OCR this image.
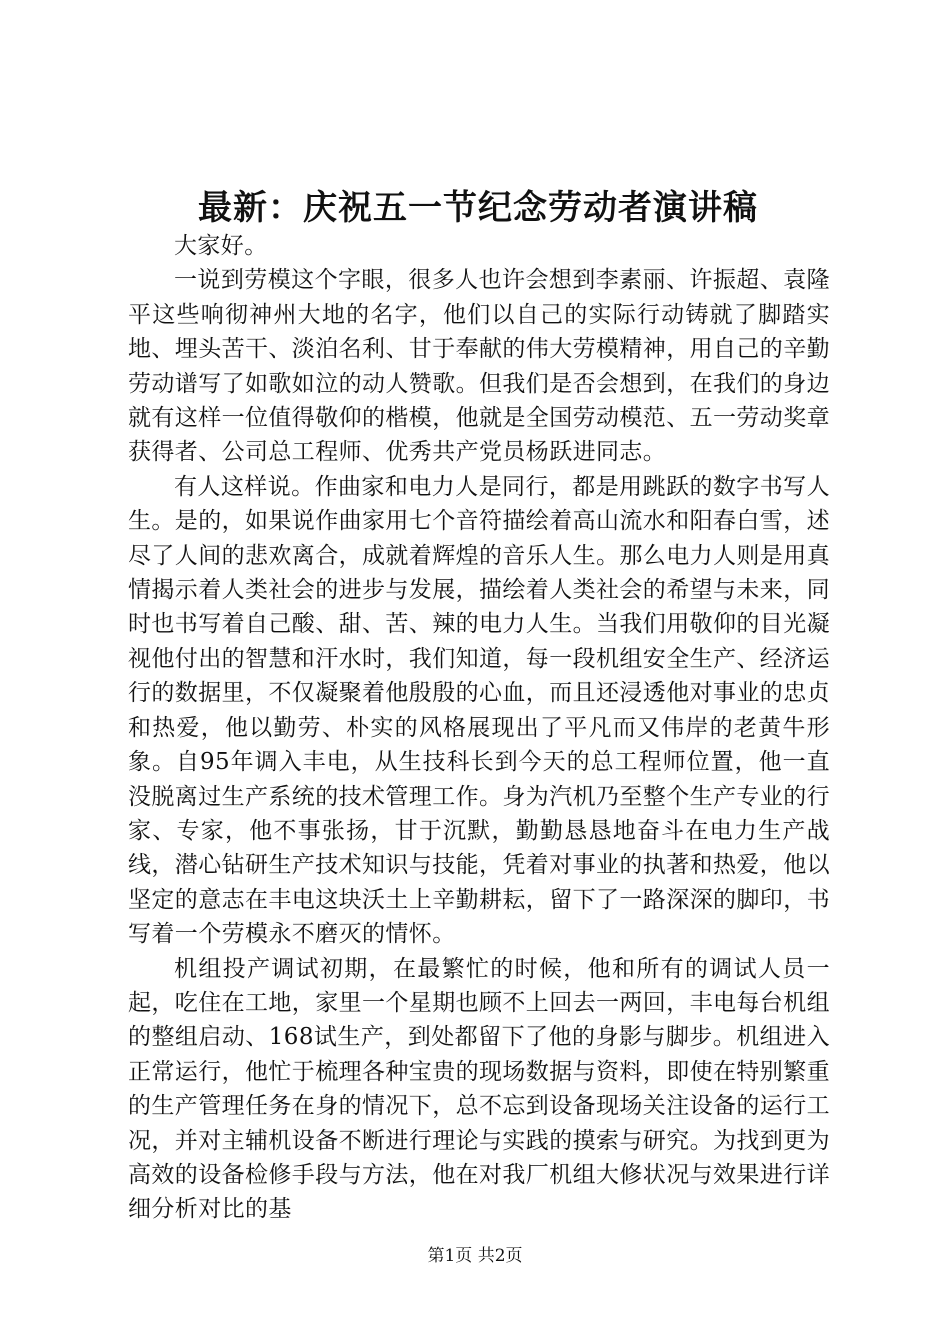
最新：庆祝五一节纪念劳动者演讲稿

大家好。

一说到劳模这个字眼，很多人也许会想到李素丽、许振超、袁隆平这些响彻神州大地的名字，他们以自己的实际行动铸就了脚踏实地、埋头苦干、淡泊名利、甘于奉献的伟大劳模精神，用自己的辛勤劳动谱写了如歌如泣的动人赞歌。但我们是否会想到，在我们的身边就有这样一位值得敬仰的楷模，他就是全国劳动模范、五一劳动奖章获得者、公司总工程师、优秀共产党员杨跃进同志。

有人这样说。作曲家和电力人是同行，都是用跳跃的数字书写人生。是的，如果说作曲家用七个音符描绘着高山流水和阳春白雪，述尽了人间的悲欢离合，成就着辉煌的音乐人生。那么电力人则是用真情揭示着人类社会的进步与发展，描绘着人类社会的希望与未来，同时也书写着自己酸、甜、苦、辣的电力人生。当我们用敬仰的目光凝视他付出的智慧和汗水时，我们知道，每一段机组安全生产、经济运行的数据里，不仅凝聚着他殷殷的心血，而且还浸透他对事业的忠贞和热爱，他以勤劳、朴实的风格展现出了平凡而又伟岸的老黄牛形象。自95年调入丰电，从生技科长到今天的总工程师位置，他一直没脱离过生产系统的技术管理工作。身为汽机乃至整个生产专业的行家、专家，他不事张扬，甘于沉默，勤勤恳恳地奋斗在电力生产战线，潜心钻研生产技术知识与技能，凭着对事业的执著和热爱，他以坚定的意志在丰电这块沃土上辛勤耕耘，留下了一路深深的脚印，书写着一个劳模永不磨灭的情怀。

机组投产调试初期，在最繁忙的时候，他和所有的调试人员一起，吃住在工地，家里一个星期也顾不上回去一两回，丰电每台机组的整组启动、168试生产，到处都留下了他的身影与脚步。机组进入正常运行，他忙于梳理各种宝贵的现场数据与资料，即使在特别繁重的生产管理任务在身的情况下，总不忘到设备现场关注设备的运行工况，并对主辅机设备不断进行理论与实践的摸索与研究。为找到更为高效的设备检修手段与方法，他在对我厂机组大修状况与效果进行详细分析对比的基

第1页 共2页
